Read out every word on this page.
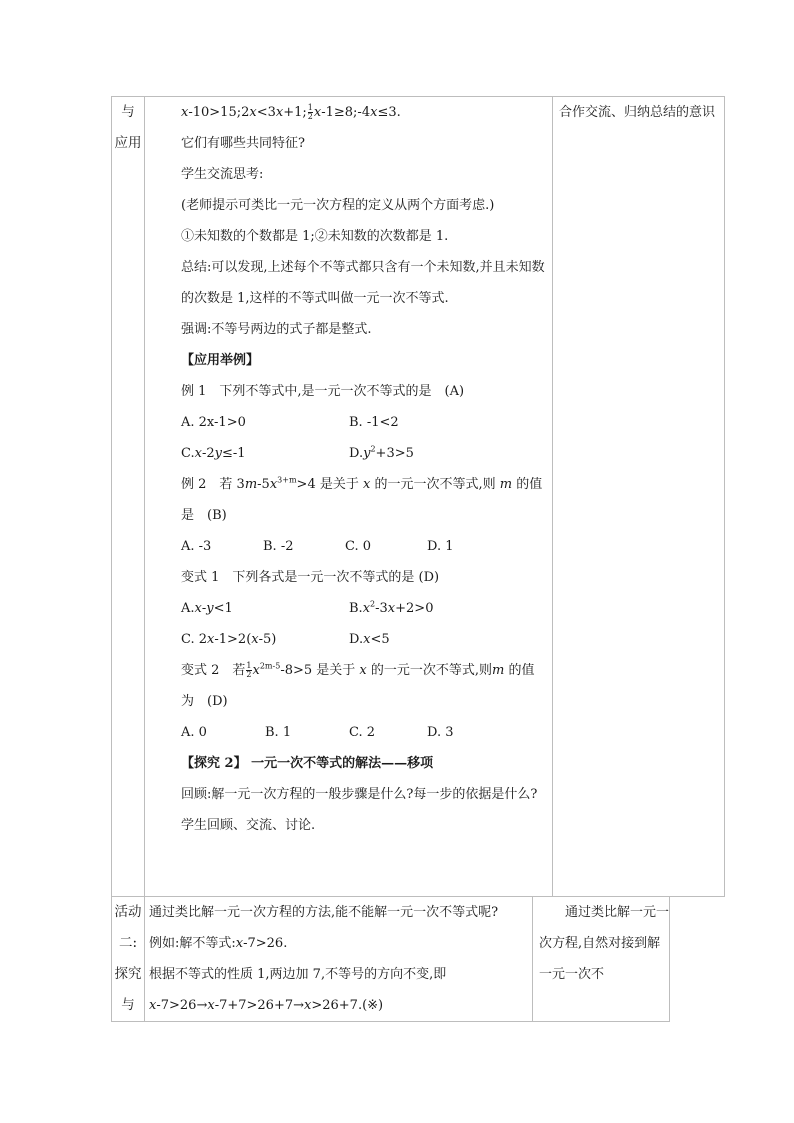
与
应用

x-10>15;2x<3x+1; $\frac{1}{2}$ x-1≥8;-4x≤3.
它们有哪些共同特征?
学生交流思考:
(老师提示可类比一元一次方程的定义从两个方面考虑.)
①未知数的个数都是 1;②未知数的次数都是 1.
总结:可以发现,上述每个不等式都只含有一个未知数,并且未知数的次数是 1,这样的不等式叫做一元一次不等式.
强调:不等号两边的式子都是整式.
【应用举例】
例 1　下列不等式中,是一元一次不等式的是　(A)
A. 2x-1>0	B. -1<2
C.x-2y≤-1	$D.y^2+3>5$
例 2　若 $3m-5x^{3+m}>4$ 是关于 x 的一元一次不等式,则 m 的值
是　(B)
A. -3	B. -2	C. 0	D. 1
变式 1　下列各式是一元一次不等式的是 (D)
A.x-y<1	$B.x^2-3x+2>0$
C. 2x-1>2(x-5)	D.x<5
变式 2　若 $\frac{1}{2} x^{2m-5}-8>5$ 是关于 x 的一元一次不等式,则m 的值
为　(D)
A. 0	B. 1	C. 2	D. 3
【探究 2】 一元一次不等式的解法——移项
回顾:解一元一次方程的一般步骤是什么?每一步的依据是什么?
学生回顾、交流、讨论.

合作交流、归纳总结的意识
活动
二:
探究
与

通过类比解一元一次方程的方法,能不能解一元一次不等式呢?
例如:解不等式:x-7>26.
根据不等式的性质 1,两边加 7,不等号的方向不变,即
x-7>26→x-7+7>26+7→x>26+7.(※)

　　通过类比解一元一次方程,自然对接到解一元一次不
